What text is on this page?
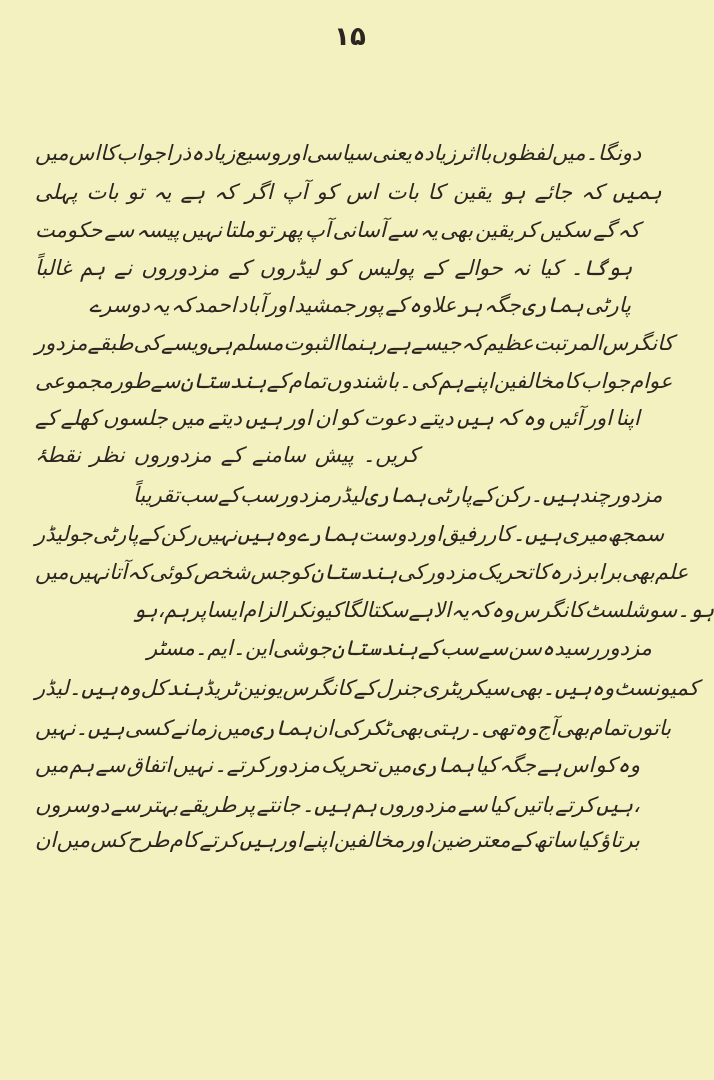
۱۵
میں اس کا جواب ذرا زیادہ وسیع اور سیاسی یعنی زیادہ بااثر لفظوں میں دونگا۔
پہلی بات تو یہ ہے کہ اگر آپ کو اس بات کا یقین ہو جائے کہ ہمیں
حکومت سے پیسہ نہیں ملتا تو پھر آپ آسانی سے یہ بھی یقین کر سکیں گے کہ
غالباً ہم نے مزدوروں کے لیڈروں کو پولیس کے حوالے نہ کیا ہوگا۔
دوسرے یہ کہ احمد آباد اور جمشید پور کے علاوہ ہر جگہ ہماری پارٹی
مزدور طبقے کی ویسے ہی مسلم الثبوت رہنما ہے جیسے کہ عظیم المرتبت کانگرس
مجموعی طور سے ہندستان کے تمام باشندوں کی۔ ہم اپنے مخالفین کا جواب عوام
کے کھلے جلسوں میں دیتے ہیں اور ان کو دعوت دیتے ہیں کہ وہ آئیں اور اپنا
نقطۂ نظر مزدوروں کے سامنے پیش کریں۔
تقریباً سب کے سب مزدور لیڈر ہماری پارٹی کے رکن ہیں۔ چند مزدور
لیڈر جو پارٹی کے رکن نہیں ہیں وہ ہمارے دوست اور رفیق کار ہیں۔ میری سمجھ
میں نہیں آتا کہ کوئی شخص جس کو ہندستان کی مزدور تحریک کا ذرہ برابر بھی علم
ہو، ہم پر ایسا الزام کیونکر لگا سکتا ہے الا یہ کہ وہ کانگرس سوشلسٹ ہو۔
مسٹر ایم۔ این۔ جوشی ہندستان کے سب سے سن رسیدہ مزدور
لیڈر ہیں۔ وہ کل ہند ٹریڈ یونین کانگرس کے جنرل سیکریٹری بھی ہیں۔ وہ کمیونسٹ
نہیں ہیں۔ کسی زمانے میں ہماری ان کی ٹکر بھی رہتی تھی۔ وہ آج بھی تمام باتوں
میں ہم سے اتفاق نہیں کرتے۔ مزدور تحریک میں ہماری کیا جگہ ہے اس کو وہ
دوسروں سے بہتر طریقے پر جانتے ہیں۔ ہم مزدوروں سے کیا باتیں کرتے ہیں،
ان میں کس طرح کام کرتے ہیں اور اپنے مخالفین اور معترضین کے ساتھ کیا برتاؤ
